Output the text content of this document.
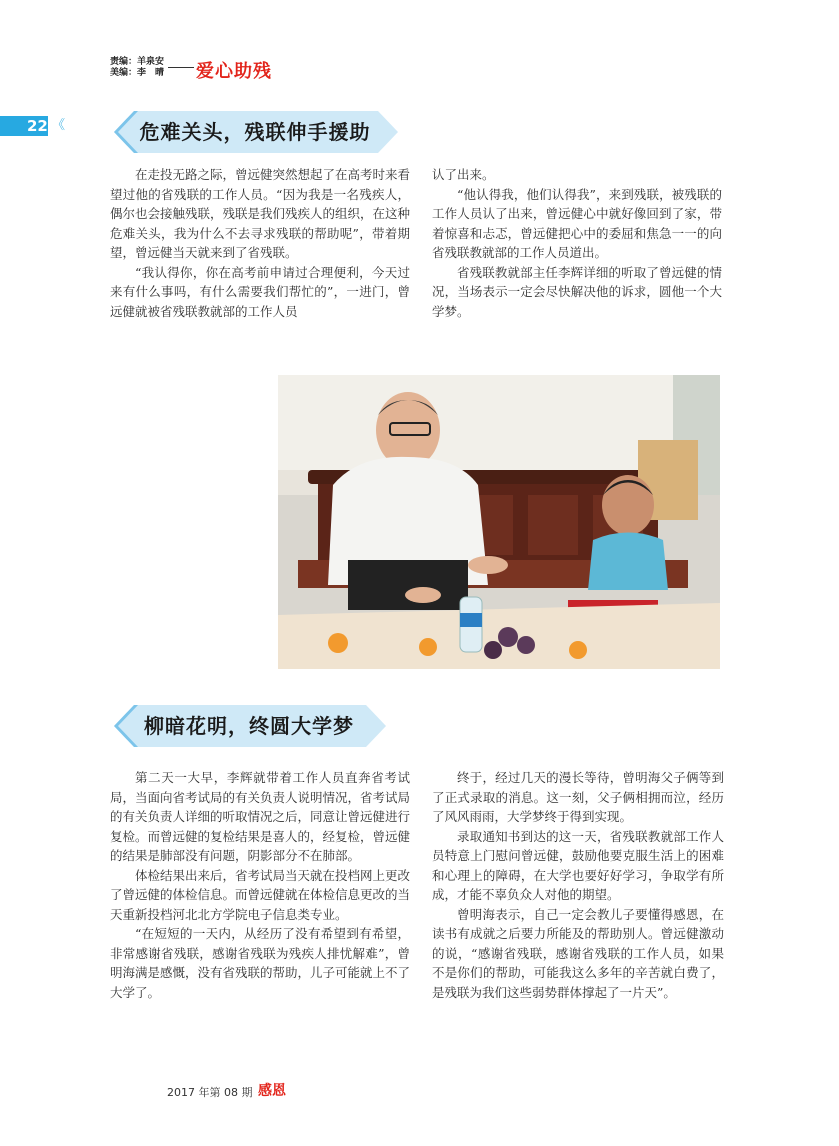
责编：羊泉安
美编：李　晴 爱心助残
22 《	危难关头，残联伸手援助

在走投无路之际，曾远健突然想起了在高考时来看望过他的省残联的工作人员。“因为我是一名残疾人，偶尔也会接触残联，残联是我们残疾人的组织，在这种危难关头，我为什么不去寻求残联的帮助呢”，带着期望，曾远健当天就来到了省残联。

“我认得你，你在高考前申请过合理便利，今天过来有什么事吗，有什么需要我们帮忙的”，一进门，曾远健就被省残联教就部的工作人员

认了出来。

“他认得我，他们认得我”，来到残联，被残联的工作人员认了出来，曾远健心中就好像回到了家，带着惊喜和忐忑，曾远健把心中的委屈和焦急一一的向省残联教就部的工作人员道出。

省残联教就部主任李辉详细的听取了曾远健的情况，当场表示一定会尽快解决他的诉求，圆他一个大学梦。

柳暗花明，终圆大学梦

第二天一大早，李辉就带着工作人员直奔省考试局，当面向省考试局的有关负责人说明情况，省考试局的有关负责人详细的听取情况之后，同意让曾远健进行复检。而曾远健的复检结果是喜人的，经复检，曾远健的结果是肺部没有问题，阴影部分不在肺部。

体检结果出来后，省考试局当天就在投档网上更改了曾远健的体检信息。而曾远健就在体检信息更改的当天重新投档河北北方学院电子信息类专业。

“在短短的一天内，从经历了没有希望到有希望，非常感谢省残联，感谢省残联为残疾人排忧解难”，曾明海满是感慨，没有省残联的帮助，儿子可能就上不了大学了。

终于，经过几天的漫长等待，曾明海父子俩等到了正式录取的消息。这一刻，父子俩相拥而泣，经历了风风雨雨，大学梦终于得到实现。

录取通知书到达的这一天，省残联教就部工作人员特意上门慰问曾远健，鼓励他要克服生活上的困难和心理上的障碍，在大学也要好好学习，争取学有所成，才能不辜负众人对他的期望。

曾明海表示，自己一定会教儿子要懂得感恩，在读书有成就之后要力所能及的帮助别人。曾远健激动的说，“感谢省残联，感谢省残联的工作人员，如果不是你们的帮助，可能我这么多年的辛苦就白费了，是残联为我们这些弱势群体撑起了一片天”。

2017 年第 08 期 感恩
